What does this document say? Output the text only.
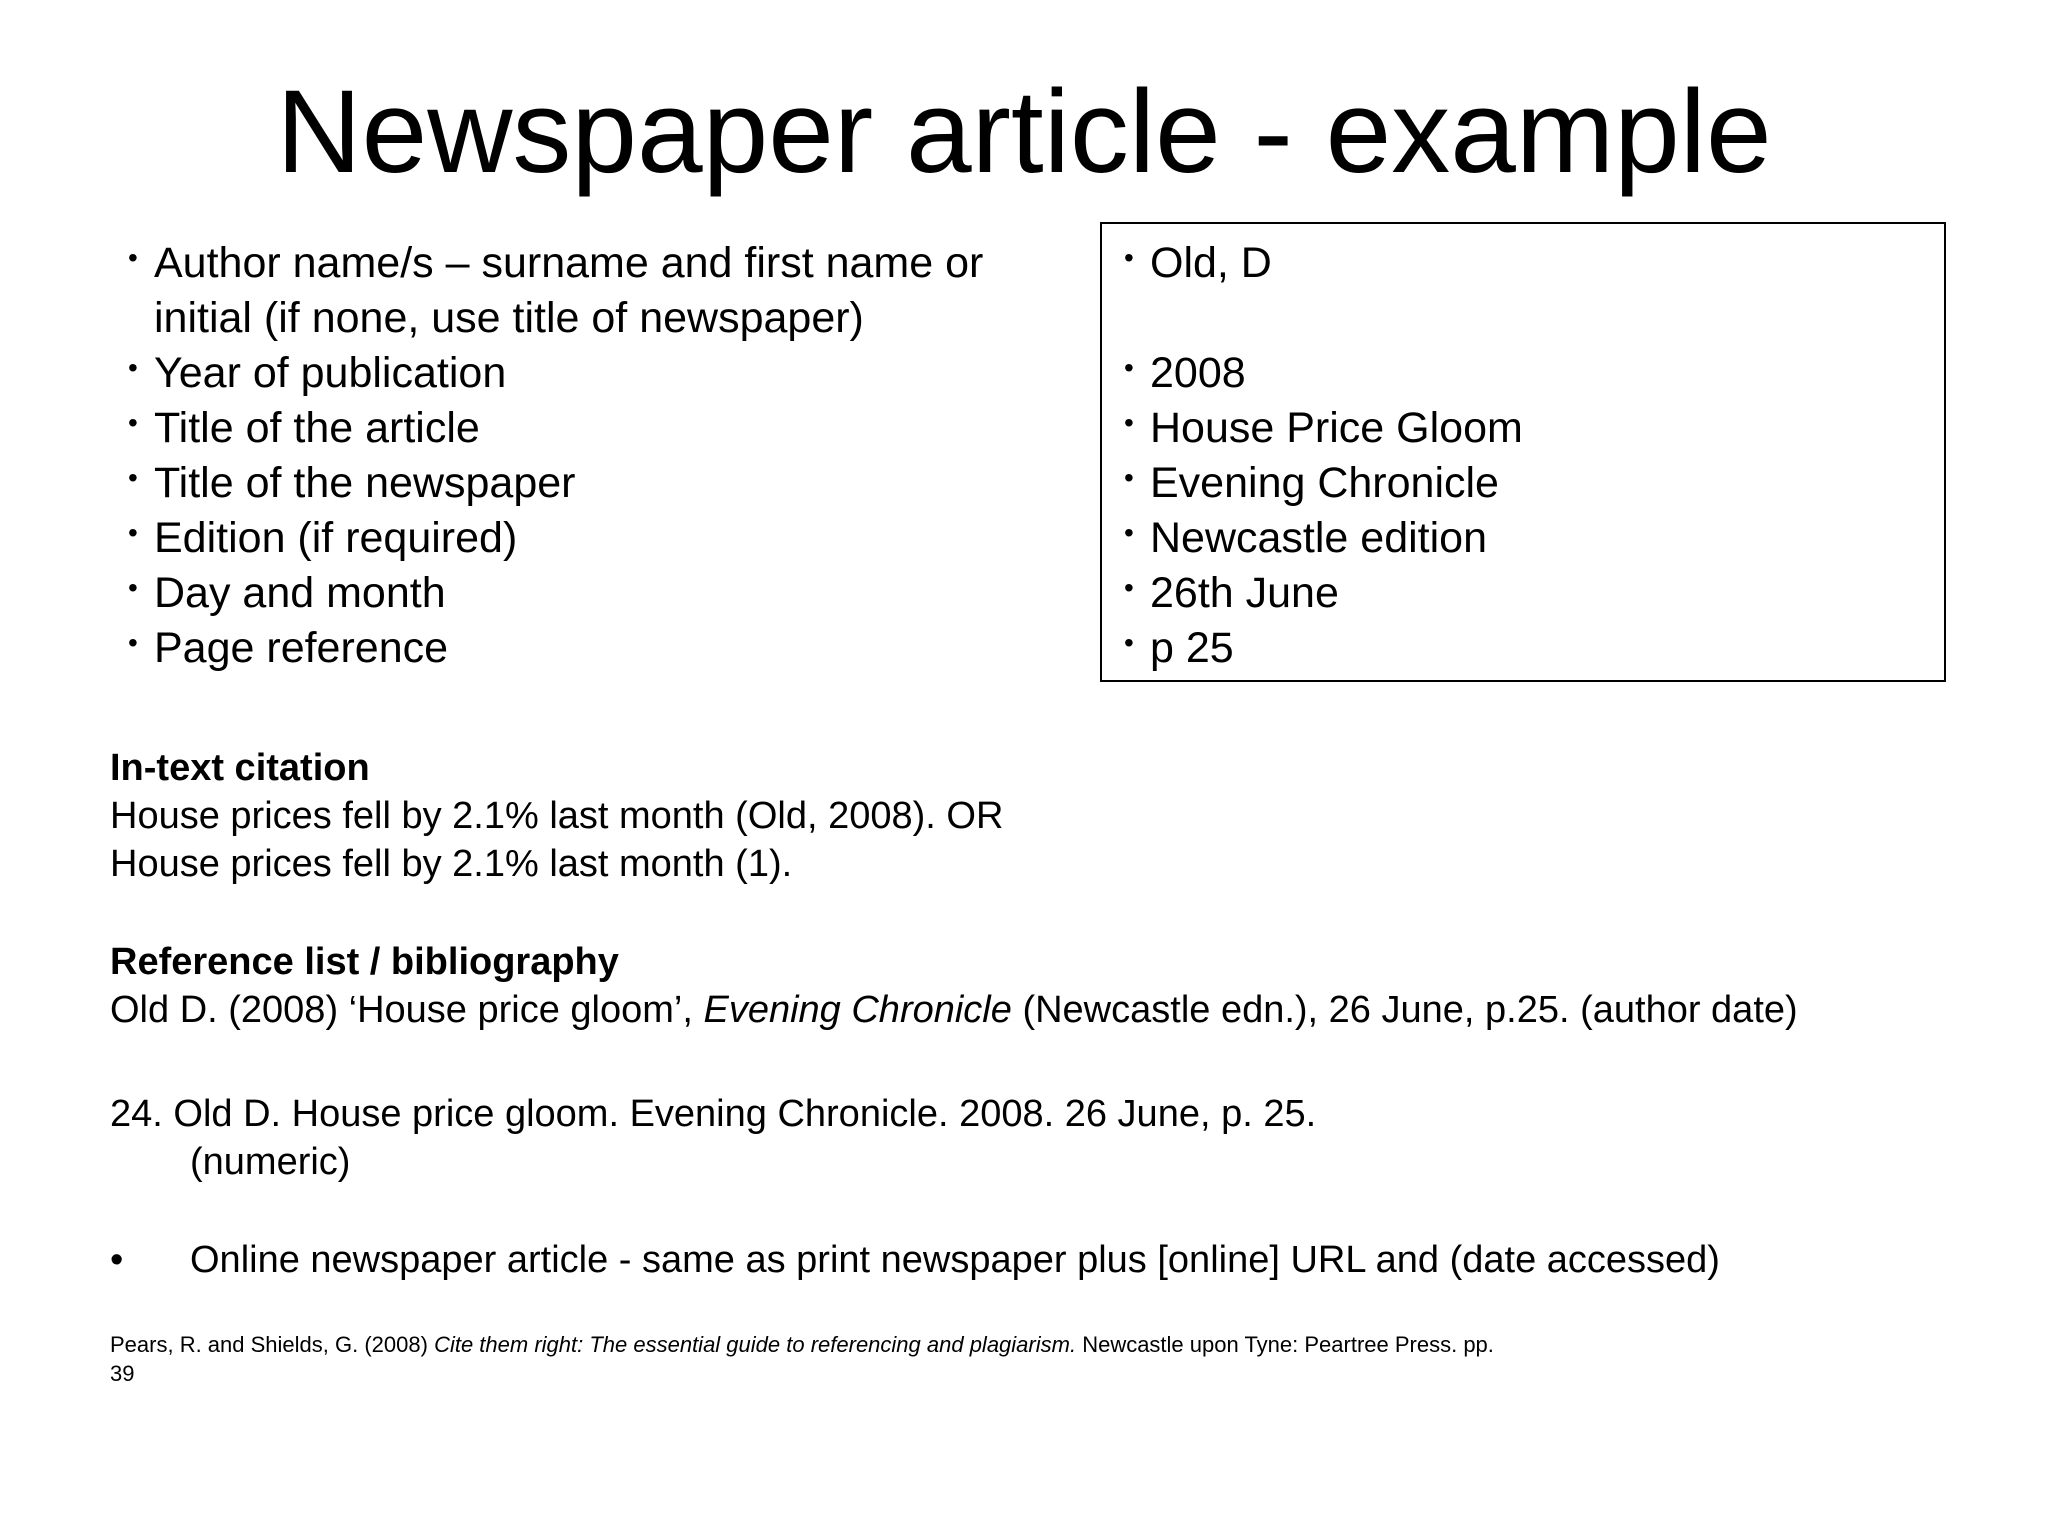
Newspaper article - example
• Author name/s – surname and first name or initial (if none, use title of newspaper)
• Year of publication
• Title of the article
• Title of the newspaper
• Edition (if required)
• Day and month
• Page reference
• Old, D
• 2008
• House Price Gloom
• Evening Chronicle
• Newcastle edition
• 26th June
• p 25
In-text citation
House prices fell by 2.1% last month (Old, 2008). OR
House prices fell by 2.1% last month (1).
Reference list / bibliography
Old D. (2008) ‘House price gloom’, Evening Chronicle (Newcastle edn.), 26 June, p.25. (author date)
24. Old D. House price gloom. Evening Chronicle. 2008. 26 June, p. 25.
(numeric)
• Online newspaper article - same as print newspaper plus [online] URL and (date accessed)

Pears, R. and Shields, G. (2008) Cite them right: The essential guide to referencing and plagiarism. Newcastle upon Tyne: Peartree Press. pp.
39
